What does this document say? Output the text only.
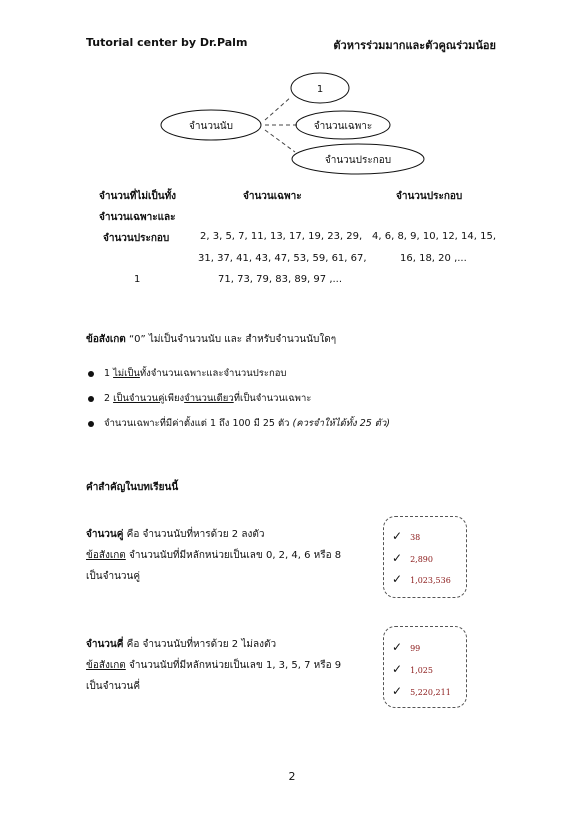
Tutorial center by Dr.Palm	ตัวหารร่วมมากและตัวคูณร่วมน้อย
จำนวนนับ
1
จำนวนเฉพาะ
จำนวนประกอบ
จำนวนที่ไม่เป็นทั้ง
จำนวนเฉพาะและ
จำนวนประกอบ
1
จำนวนเฉพาะ
2, 3, 5, 7, 11, 13, 17, 19, 23, 29,
31, 37, 41, 43, 47, 53, 59, 61, 67,
71, 73, 79, 83, 89, 97 ,...
จำนวนประกอบ
4, 6, 8, 9, 10, 12, 14, 15,
16, 18, 20 ,...
ข้อสังเกต “0” ไม่เป็นจำนวนนับ และ สำหรับจำนวนนับใดๆ
1 ไม่เป็นทั้งจำนวนเฉพาะและจำนวนประกอบ
2 เป็นจำนวนคู่เพียงจำนวนเดียวที่เป็นจำนวนเฉพาะ
จำนวนเฉพาะที่มีค่าตั้งแต่ 1 ถึง 100 มี 25 ตัว (ควรจำให้ได้ทั้ง 25 ตัว)
คำสำคัญในบทเรียนนี้
จำนวนคู่ คือ จำนวนนับที่หารด้วย 2 ลงตัว
ข้อสังเกต จำนวนนับที่มีหลักหน่วยเป็นเลข 0, 2, 4, 6 หรือ 8
เป็นจำนวนคู่
✓ 38
✓ 2,890
✓ 1,023,536
จำนวนคี่ คือ จำนวนนับที่หารด้วย 2 ไม่ลงตัว
ข้อสังเกต จำนวนนับที่มีหลักหน่วยเป็นเลข 1, 3, 5, 7 หรือ 9
เป็นจำนวนคี่
✓ 99
✓ 1,025
✓ 5,220,211
2
